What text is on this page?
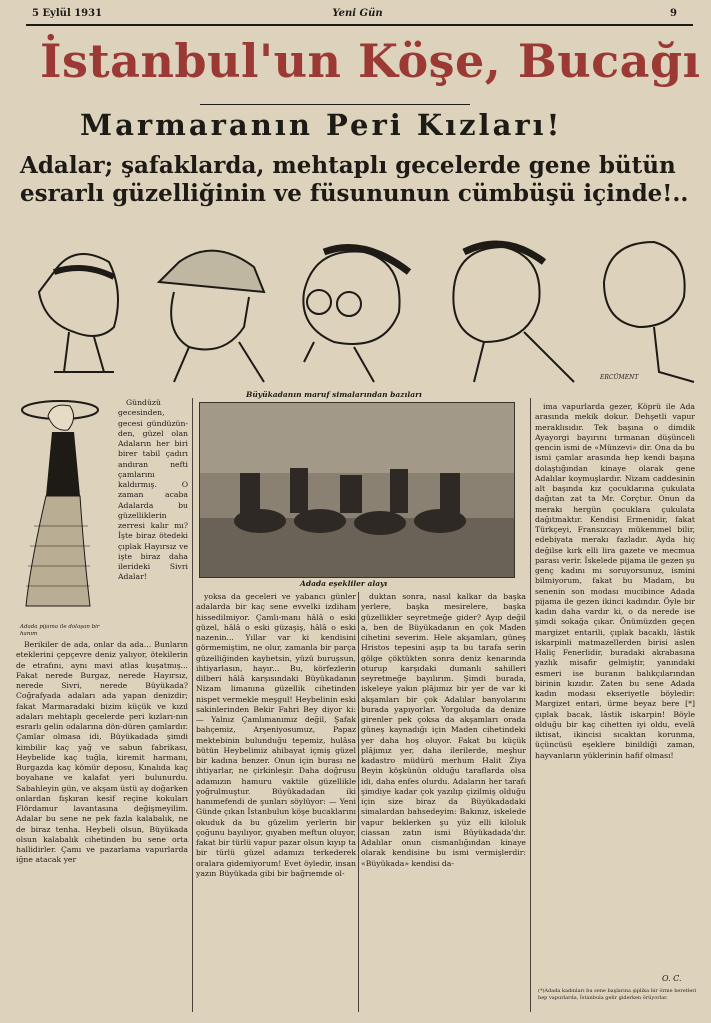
5 Eylül 1931	Yeni Gün	9
İstanbul'un Köşe, Bucağı
Marmaranın Peri Kızları!
Adalar; şafaklarda, mehtaplı gecelerde gene bütün esrarlı güzelliğinin ve füsununun cümbüşü içinde!..
ERCÜMENT
Büyükadanın maruf simalarından bazıları
Adada pijama ile dolaşan bir hanım

Gündüzü gecesinden, gecesi gündüzün-den, güzel olan Adaların her biri birer tabil çadırı andıran nefti çamlarını kaldırmış. O zaman acaba Adalarda bu güzelliklerin zerresi kalır mı? İşte biraz ötedeki çıplak Hayırsız ve işte biraz daha ilerideki Sivri Adalar!

Berikiler de ada, onlar da ada... Bunların eteklerini çepçevre deniz yalıyor, ötekilerin de etrafını, aynı mavi atlas kuşatmış... Fakat nerede Burgaz, nerede Hayırsız, nerede Sivri, nerede Büyükada? Coğrafyada adaları ada yapan denizdir; fakat Marmaradaki bizim küçük ve kızıl adaları mehtaplı gecelerde peri kızları-nın esrarlı gelin odalarına dön-düren çamlardır. Çamlar olmasa idi, Büyükadada şimdi kimbilir kaç yağ ve sabun fabrikası, Heybelide kaç tuğla, kiremit harmanı, Burgazda kaç kömür deposu, Kınalıda kaç boyahane ve kalafat yeri bulunurdu. Sabahleyin gün, ve akşam üstü ay doğarken onlardan fışkıran kesif reçine kokuları Flördamur lavantasına değişmeyilim. Adalar bu sene ne pek fazla kalabalık, ne de biraz tenha. Heybeli olsun, Büyükada olsun kalabalık cihetinden bu sene orta hallidirler. Çamı ve pazarlama vapurlarda iğne atacak yer

Adada eşekliler alayı

yoksa da geceleri ve yabancı günler adalarda bir kaç sene evvelki izdiham hissedilmiyor. Çamlı-manı hâlâ o eski güzel, hâlâ o eski güzaşiş, hâlâ o eski nazenin... Yıllar var ki kendisini görmemiştim, ne olur, zamanla bir parça güzelliğinden kaybetsin, yüzü buruşsun, ihtiyarlasın, hayır... Bu, körfezlerin dilberi hâlâ karşısındaki Büyükadanın Nizam limanına güzellik cihetinden nispet vermekle meşgul! Heybelinin eski sakinlerinden Bekir Fahri Bey diyor ki: — Yalnız Çamlımanımız değil, Şafak bahçemiz, Arşeniyosumuz, Papaz mektebinin bulunduğu tepemiz, hulâsa bütün Heybelimiz ahibayat içmiş güzel bir kadına benzer. Onun için burası ne ihtiyarlar, ne çirkinleşir. Daha doğrusu adamızın hamuru vaktile güzellikle yoğrulmuştur. Büyükadadan iki hanımefendi de şunları söylüyor: — Yeni Günde çıkan İstanbulun köşe bucaklarını okuduk da bu güzelim yerlerin bir çoğunu bayılıyor, gıyaben meftun oluyor, fakat bir türlü vapur pazar olsun kıyıp ta bir türlü güzel adamızı terkederek oralara gidemiyorum! Evet öyledir, insan yazın Büyükada gibi bir bağrıemde ol-

duktan sonra, nasıl kalkar da başka yerlere, başka mesirelere, başka güzellikler seyretmeğe gider? Ayıp değil a, ben de Büyükadanın en çok Maden cihetini severim. Hele akşamları, güneş Hristos tepesini aşıp ta bu tarafa serin gölge çöktükten sonra deniz kenarında oturup karşıdaki dumanlı sahilleri seyretmeğe bayılırım. Şimdi burada, iskeleye yakın plâjımız bir yer de var ki akşamları bir çok Adalılar banyolarını burada yapıyorlar. Yorgoluda da denize girenler pek çoksa da akşamları orada güneş kaynadığı için Maden cihetindeki yer daha hoş oluyor. Fakat bu küçük plâjımız yer, daha ilerilerde, meşhur kadastro müdürü merhum Halit Ziya Beyin köşkünün olduğu taraflarda olsa idi, daha enfes olurdu. Adaların her tarafı şimdiye kadar çok yazılıp çizilmiş olduğu için size biraz da Büyükadadaki simalardan bahsedeyim: Bakınız, iskelede vapur beklerken şu yüz elli kiloluk ciassan zatın ismi Büyükadada'dır. Adalılar onun cismanlığından kinaye olarak kendisine bu ismi vermişlerdir: «Büyükada» kendisi da-

ima vapurlarda gezer, Köprü ile Ada arasında mekik dokur. Dehşetli vapur meraklısıdır. Tek başına o dimdik Ayayorgi bayırını tırmanan düşünceli gencin ismi de «Münzevi» dir. Ona da bu ismi çamlar arasında hep kendi başına dolaştığından kinaye olarak gene Adalılar koymuşlardır. Nizam caddesinin alt başında kız çocuklarına çukulata dağıtan zat ta Mr. Corçtur. Onun da merakı hergün çocuklara çukulata dağıtmaktır. Kendisi Ermenidir, fakat Türkçeyi, Fransızcayı mükemmel bilir, edebiyata merakı fazladır. Ayda hiç değilse kırk elli lira gazete ve mecmua parası verir. İskelede pijama ile gezen şu genç kadını mı soruyorsunuz, ismini bilmiyorum, fakat bu Madam, bu senenin son modası mucibince Adada pijama ile gezen ikinci kadındır. Öyle bir kadın daha vardır ki, o da nerede ise şimdi sokağa çıkar. Önümüzden geçen margizet entarili, çıplak bacaklı, lâstik iskarpinli matmazellerden birisi aslen Haliç Fenerlidir, buradaki akrabasına yazlık misafir gelmiştir, yanındaki esmeri ise buranın balıkçılarından birinin kızıdır. Zaten bu sene Adada kadın modası ekseriyetle böyledir: Margizet entari, ürme beyaz bere [*] çıplak bacak, lâstik iskarpin! Böyle olduğu bir kaç cihetten iyi oldu, evelâ iktisat, ikincisi sıcaktan korunma, üçüncüsü eşeklere binildiği zaman, hayvanların yüklerinin hafif olması!

O. C.
(*)Adada kadınları bu sene başlarına şiplika bir örme beretleri hep vapurlarda, İstanbula gelir giderken örüyorlar.
